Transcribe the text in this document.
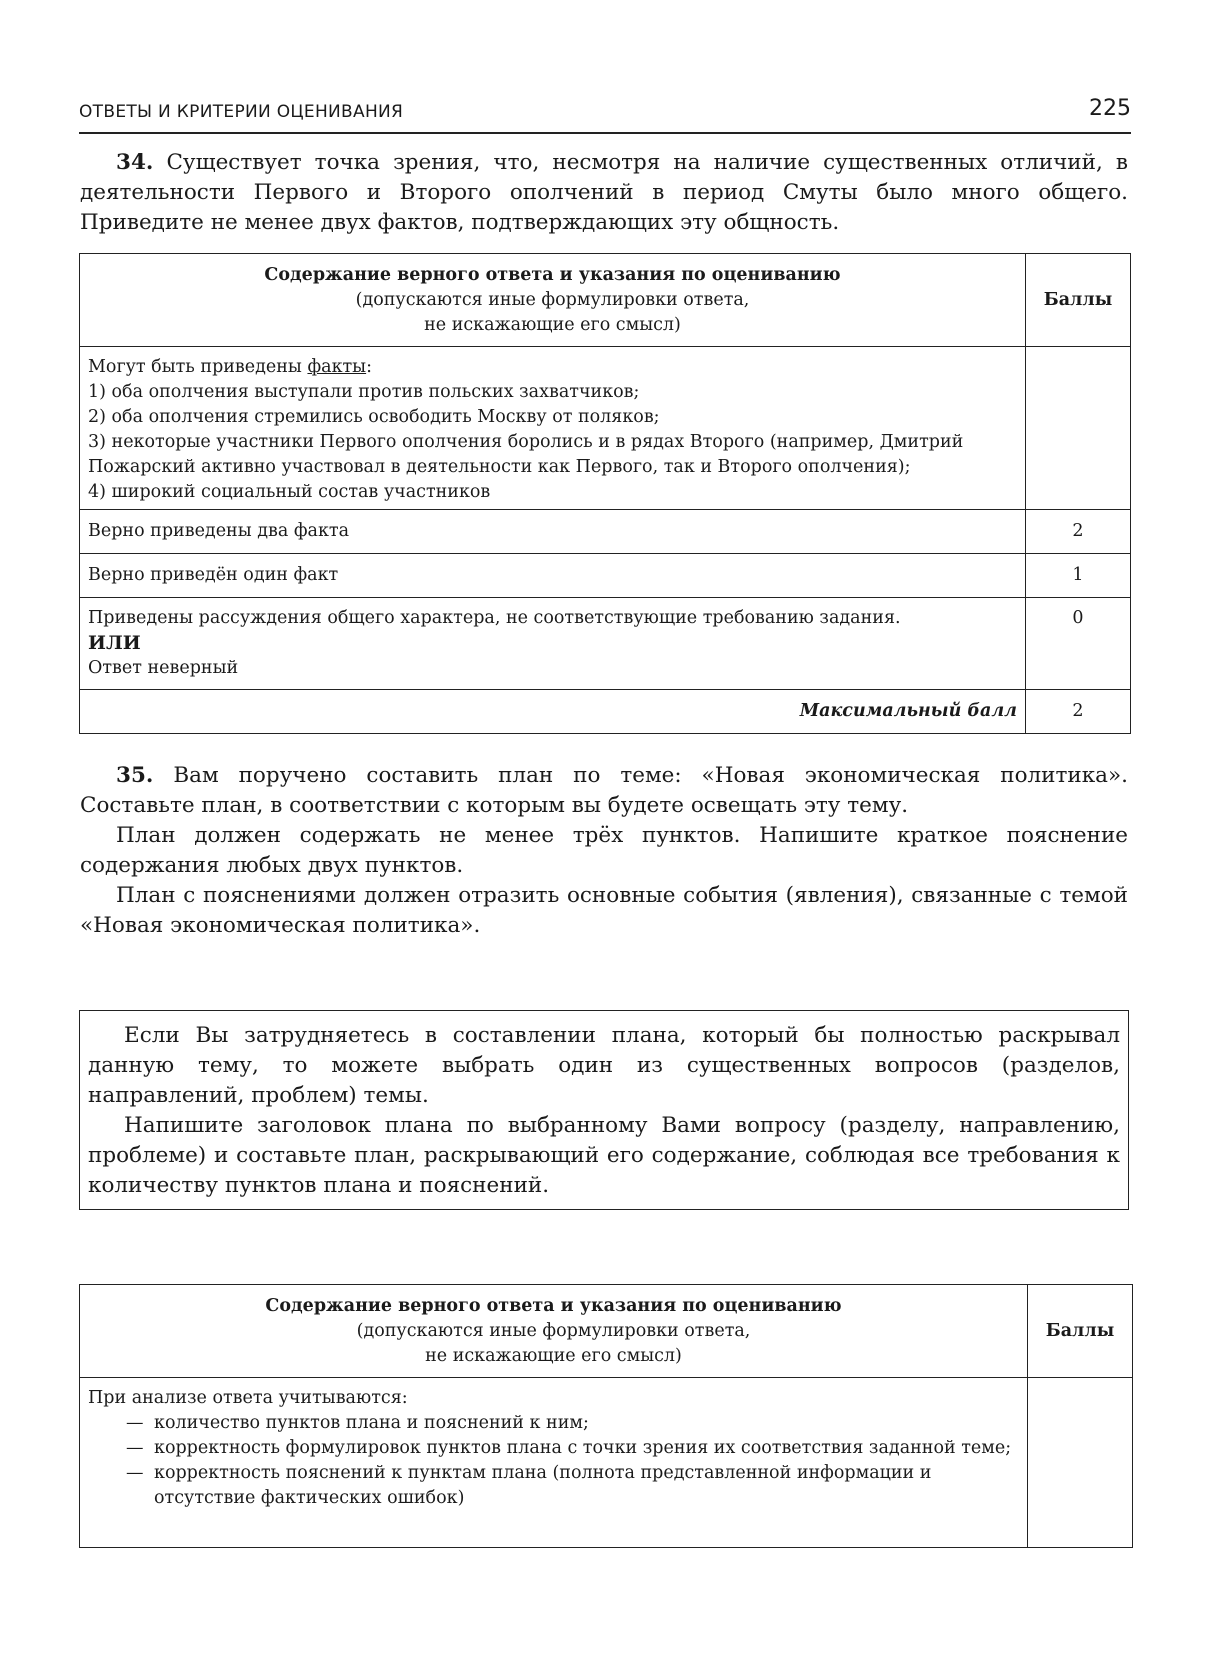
ОТВЕТЫ И КРИТЕРИИ ОЦЕНИВАНИЯ	225

34. Существует точка зрения, что, несмотря на наличие существенных отличий, в деятельности Первого и Второго ополчений в период Смуты было много общего. Приведите не менее двух фактов, подтверждающих эту общность.

Содержание верного ответа и указания по оцениванию
(допускаются иные формулировки ответа,
не искажающие его смысл)
	Баллы

Могут быть приведены факты:
1) оба ополчения выступали против польских захватчиков;
2) оба ополчения стремились освободить Москву от поляков;
3) некоторые участники Первого ополчения боролись и в рядах Второго (например, Дмитрий Пожарский активно участвовал в деятельности как Первого, так и Второго ополчения);
4) широкий социальный состав участников

Верно приведены два факта	2
Верно приведён один факт	1

Приведены рассуждения общего характера, не соответствующие требованию задания.
ИЛИ
Ответ неверный
	0

Максимальный балл	2

35. Вам поручено составить план по теме: «Новая экономическая политика». Составьте план, в соответствии с которым вы будете освещать эту тему.

План должен содержать не менее трёх пунктов. Напишите краткое пояснение содержания любых двух пунктов.

План с пояснениями должен отразить основные события (явления), связанные с темой «Новая экономическая политика».

Если Вы затрудняетесь в составлении плана, который бы полностью раскрывал данную тему, то можете выбрать один из существенных вопросов (разделов, направлений, проблем) темы.

Напишите заголовок плана по выбранному Вами вопросу (разделу, направлению, проблеме) и составьте план, раскрывающий его содержание, соблюдая все требования к количеству пунктов плана и пояснений.

Содержание верного ответа и указания по оцениванию
(допускаются иные формулировки ответа,
не искажающие его смысл)
	Баллы

При анализе ответа учитываются:
— количество пунктов плана и пояснений к ним;
— корректность формулировок пунктов плана с точки зрения их соответствия заданной теме;
— корректность пояснений к пунктам плана (полнота представленной информации и отсутствие фактических ошибок)
